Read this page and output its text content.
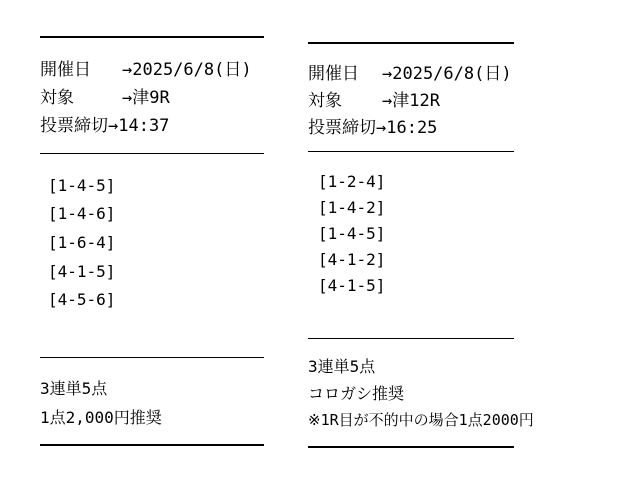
開催日 →2025/6/8(日)
対象	→津9R
投票締切→14:37
[1-4-5]
[1-4-6]
[1-6-4]
[4-1-5]
[4-5-6]
3連単5点
1点2,000円推奨
開催日 →2025/6/8(日)
対象 →津12R
投票締切→16:25
[1-2-4]
[1-4-2]
[1-4-5]
[4-1-2]
[4-1-5]
3連単5点
コロガシ推奨
※1R目が不的中の場合1点2000円
